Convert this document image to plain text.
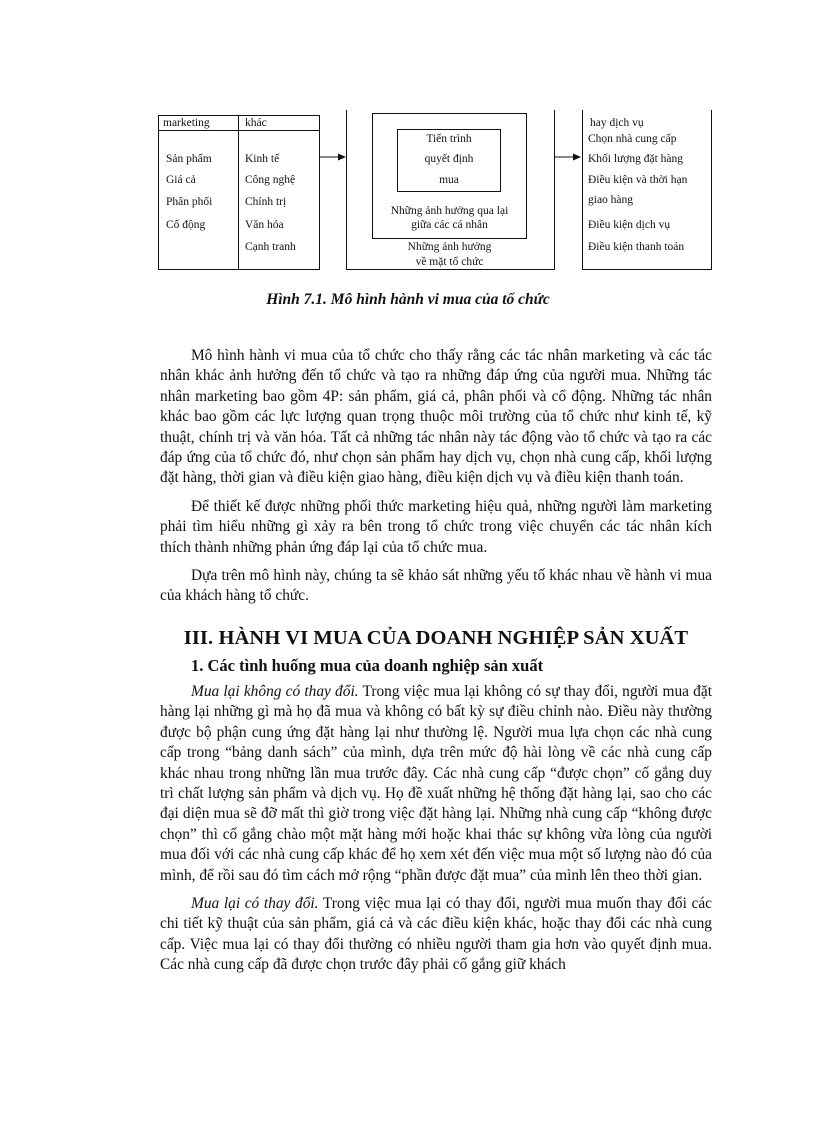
marketing	khác
Sản phẩm
Giá cả
Phân phối
Cổ động
Kinh tế
Công nghệ
Chính trị
Văn hóa
Cạnh tranh
Tiến trình
quyết định
mua
Những ảnh hưởng qua lại
giữa các cá nhân
Những ảnh hưởng
về mặt tổ chức
hay dịch vụ
Chọn nhà cung cấp
Khối lượng đặt hàng
Điều kiện và thời hạn
giao hàng
Điều kiện dịch vụ
Điều kiện thanh toán
Hình 7.1. Mô hình hành vi mua của tổ chức

Mô hình hành vi mua của tổ chức cho thấy rằng các tác nhân marketing và các tác nhân khác ảnh hưởng đến tổ chức và tạo ra những đáp ứng của người mua. Những tác nhân marketing bao gồm 4P: sản phẩm, giá cả, phân phối và cổ động. Những tác nhân khác bao gồm các lực lượng quan trọng thuộc môi trường của tổ chức như kinh tế, kỹ thuật, chính trị và văn hóa. Tất cả những tác nhân này tác động vào tổ chức và tạo ra các đáp ứng của tổ chức đó, như chọn sản phẩm hay dịch vụ, chọn nhà cung cấp, khối lượng đặt hàng, thời gian và điều kiện giao hàng, điều kiện dịch vụ và điều kiện thanh toán.

Để thiết kế được những phối thức marketing hiệu quả, những người làm marketing phải tìm hiểu những gì xảy ra bên trong tổ chức trong việc chuyển các tác nhân kích thích thành những phản ứng đáp lại của tổ chức mua.

Dựa trên mô hình này, chúng ta sẽ khảo sát những yếu tố khác nhau về hành vi mua của khách hàng tổ chức.

III. HÀNH VI MUA CỦA DOANH NGHIỆP SẢN XUẤT
1. Các tình huống mua của doanh nghiệp sản xuất

Mua lại không có thay đổi. Trong việc mua lại không có sự thay đổi, người mua đặt hàng lại những gì mà họ đã mua và không có bất kỳ sự điều chỉnh nào. Điều này thường được bộ phận cung ứng đặt hàng lại như thường lệ. Người mua lựa chọn các nhà cung cấp trong “bảng danh sách” của mình, dựa trên mức độ hài lòng về các nhà cung cấp khác nhau trong những lần mua trước đây. Các nhà cung cấp “được chọn” cố gắng duy trì chất lượng sản phẩm và dịch vụ. Họ đề xuất những hệ thống đặt hàng lại, sao cho các đại diện mua sẽ đỡ mất thì giờ trong việc đặt hàng lại. Những nhà cung cấp “không được chọn” thì cố gắng chào một mặt hàng mới hoặc khai thác sự không vừa lòng của người mua đối với các nhà cung cấp khác để họ xem xét đến việc mua một số lượng nào đó của mình, để rồi sau đó tìm cách mở rộng “phần được đặt mua” của mình lên theo thời gian.

Mua lại có thay đổi. Trong việc mua lại có thay đổi, người mua muốn thay đổi các chi tiết kỹ thuật của sản phẩm, giá cả và các điều kiện khác, hoặc thay đổi các nhà cung cấp. Việc mua lại có thay đổi thường có nhiều người tham gia hơn vào quyết định mua. Các nhà cung cấp đã được chọn trước đây phải cố gắng giữ khách
